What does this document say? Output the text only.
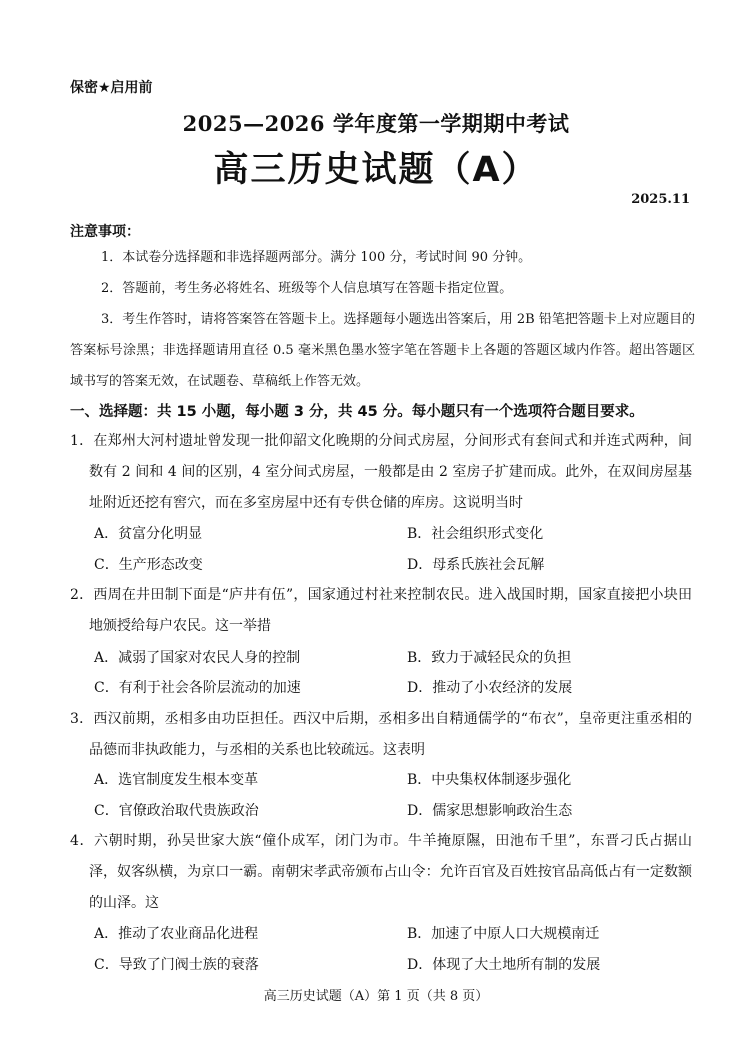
保密★启用前
2025—2026 学年度第一学期期中考试
高三历史试题（A）
2025.11
注意事项：
1．本试卷分选择题和非选择题两部分。满分 100 分，考试时间 90 分钟。
2．答题前，考生务必将姓名、班级等个人信息填写在答题卡指定位置。
3．考生作答时，请将答案答在答题卡上。选择题每小题选出答案后，用 2B 铅笔把答题卡上对应题目的答案标号涂黑；非选择题请用直径 0.5 毫米黑色墨水签字笔在答题卡上各题的答题区域内作答。超出答题区域书写的答案无效，在试题卷、草稿纸上作答无效。
一、选择题：共 15 小题，每小题 3 分，共 45 分。每小题只有一个选项符合题目要求。
1．在郑州大河村遗址曾发现一批仰韶文化晚期的分间式房屋，分间形式有套间式和并连式两种，间数有 2 间和 4 间的区别，4 室分间式房屋，一般都是由 2 室房子扩建而成。此外，在双间房屋基址附近还挖有窖穴，而在多室房屋中还有专供仓储的库房。这说明当时
A．贫富分化明显	B．社会组织形式变化
C．生产形态改变	D．母系氏族社会瓦解
2．西周在井田制下面是“庐井有伍”，国家通过村社来控制农民。进入战国时期，国家直接把小块田地颁授给每户农民。这一举措
A．减弱了国家对农民人身的控制	B．致力于减轻民众的负担
C．有利于社会各阶层流动的加速	D．推动了小农经济的发展
3．西汉前期，丞相多由功臣担任。西汉中后期，丞相多出自精通儒学的“布衣”，皇帝更注重丞相的品德而非执政能力，与丞相的关系也比较疏远。这表明
A．选官制度发生根本变革	B．中央集权体制逐步强化
C．官僚政治取代贵族政治	D．儒家思想影响政治生态
4．六朝时期，孙吴世家大族“僮仆成军，闭门为市。牛羊掩原隰，田池布千里”，东晋刁氏占据山泽，奴客纵横，为京口一霸。南朝宋孝武帝颁布占山令：允许百官及百姓按官品高低占有一定数额的山泽。这
A．推动了农业商品化进程	B．加速了中原人口大规模南迁
C．导致了门阀士族的衰落	D．体现了大土地所有制的发展
高三历史试题（A）第 1 页（共 8 页）
